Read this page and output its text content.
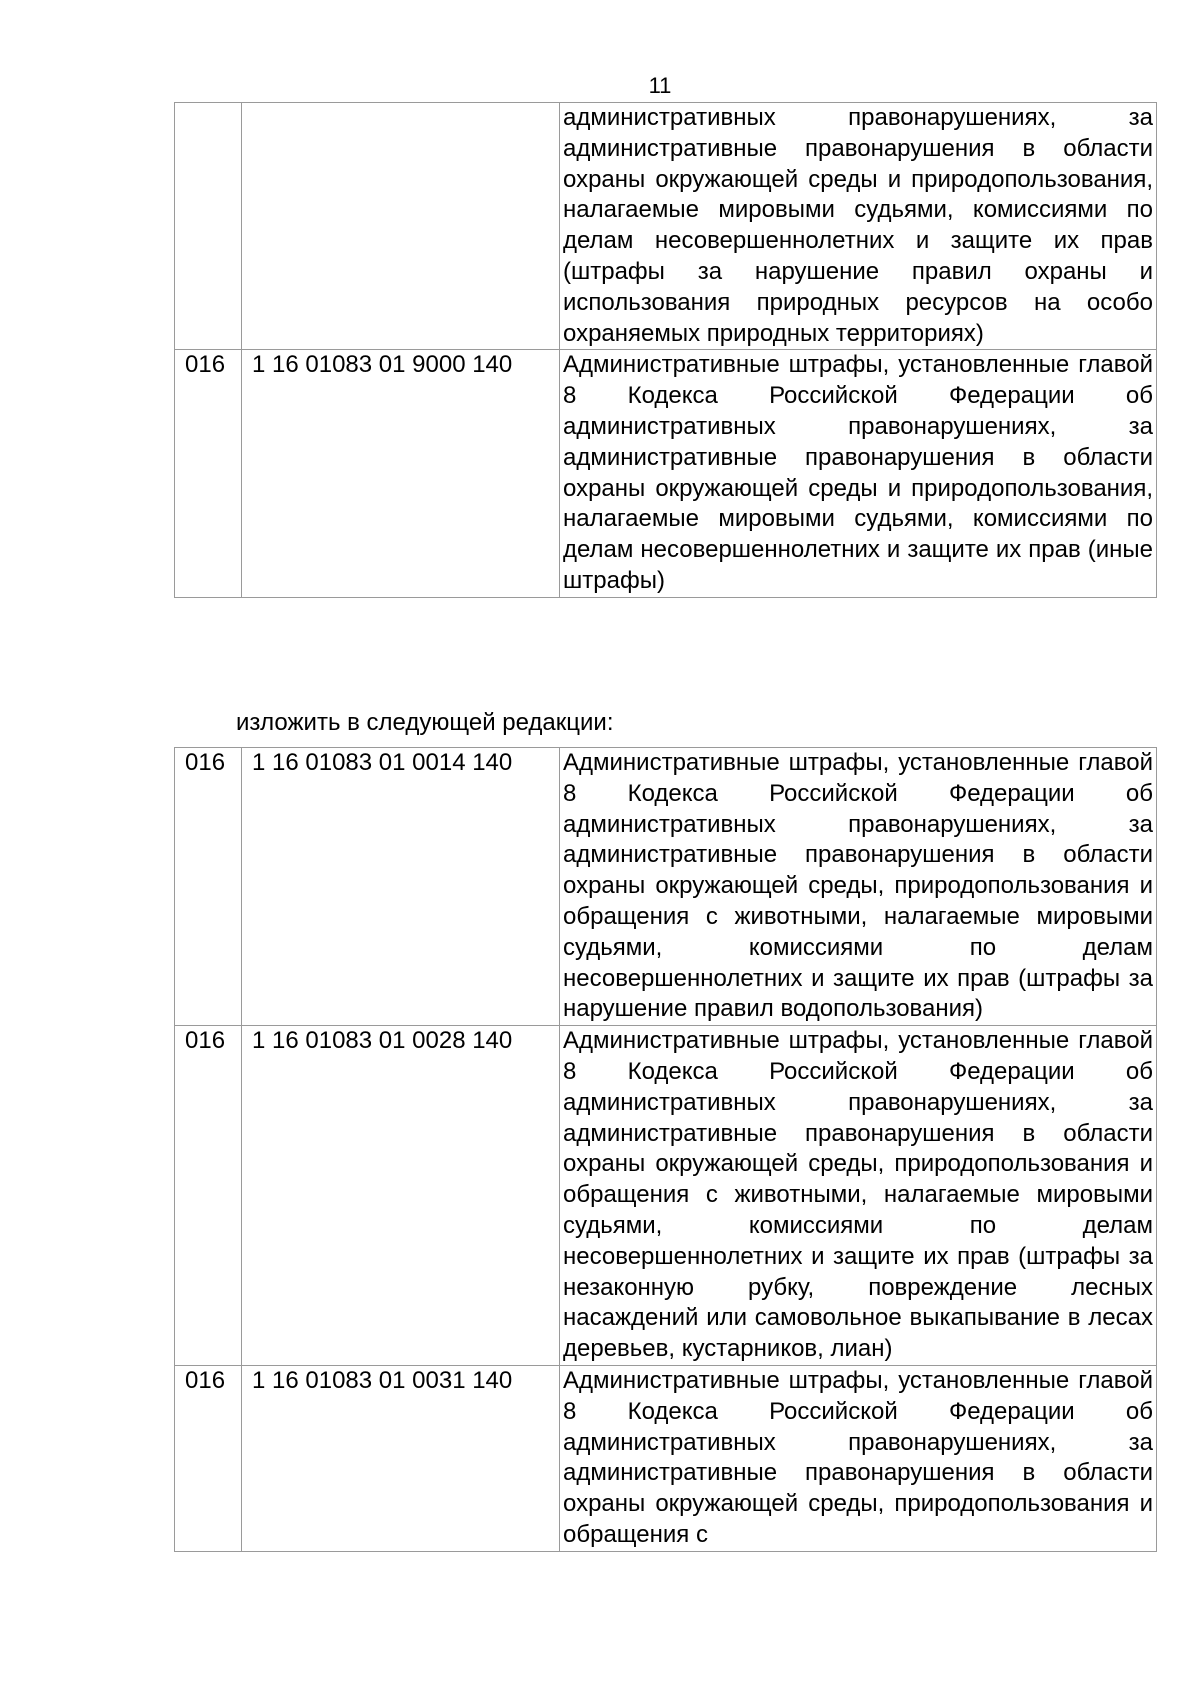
11
		административных правонарушениях, за административные правонарушения в области охраны окружающей среды и природопользования, налагаемые мировыми судьями, комиссиями по делам несовершеннолетних и защите их прав (штрафы за нарушение правил охраны и использования природных ресурсов на особо охраняемых природных территориях)
016	1 16 01083 01 9000 140	Административные штрафы, установленные главой 8 Кодекса Российской Федерации об административных правонарушениях, за административные правонарушения в области охраны окружающей среды и природопользования, налагаемые мировыми судьями, комиссиями по делам несовершеннолетних и защите их прав (иные штрафы)
изложить в следующей редакции:
016	1 16 01083 01 0014 140	Административные штрафы, установленные главой 8 Кодекса Российской Федерации об административных правонарушениях, за административные правонарушения в области охраны окружающей среды, природопользования и обращения с животными, налагаемые мировыми судьями, комиссиями по делам несовершеннолетних и защите их прав (штрафы за нарушение правил водопользования)
016	1 16 01083 01 0028 140	Административные штрафы, установленные главой 8 Кодекса Российской Федерации об административных правонарушениях, за административные правонарушения в области охраны окружающей среды, природопользования и обращения с животными, налагаемые мировыми судьями, комиссиями по делам несовершеннолетних и защите их прав (штрафы за незаконную рубку, повреждение лесных насаждений или самовольное выкапывание в лесах деревьев, кустарников, лиан)
016	1 16 01083 01 0031 140	Административные штрафы, установленные главой 8 Кодекса Российской Федерации об административных правонарушениях, за административные правонарушения в области охраны окружающей среды, природопользования и обращения с
